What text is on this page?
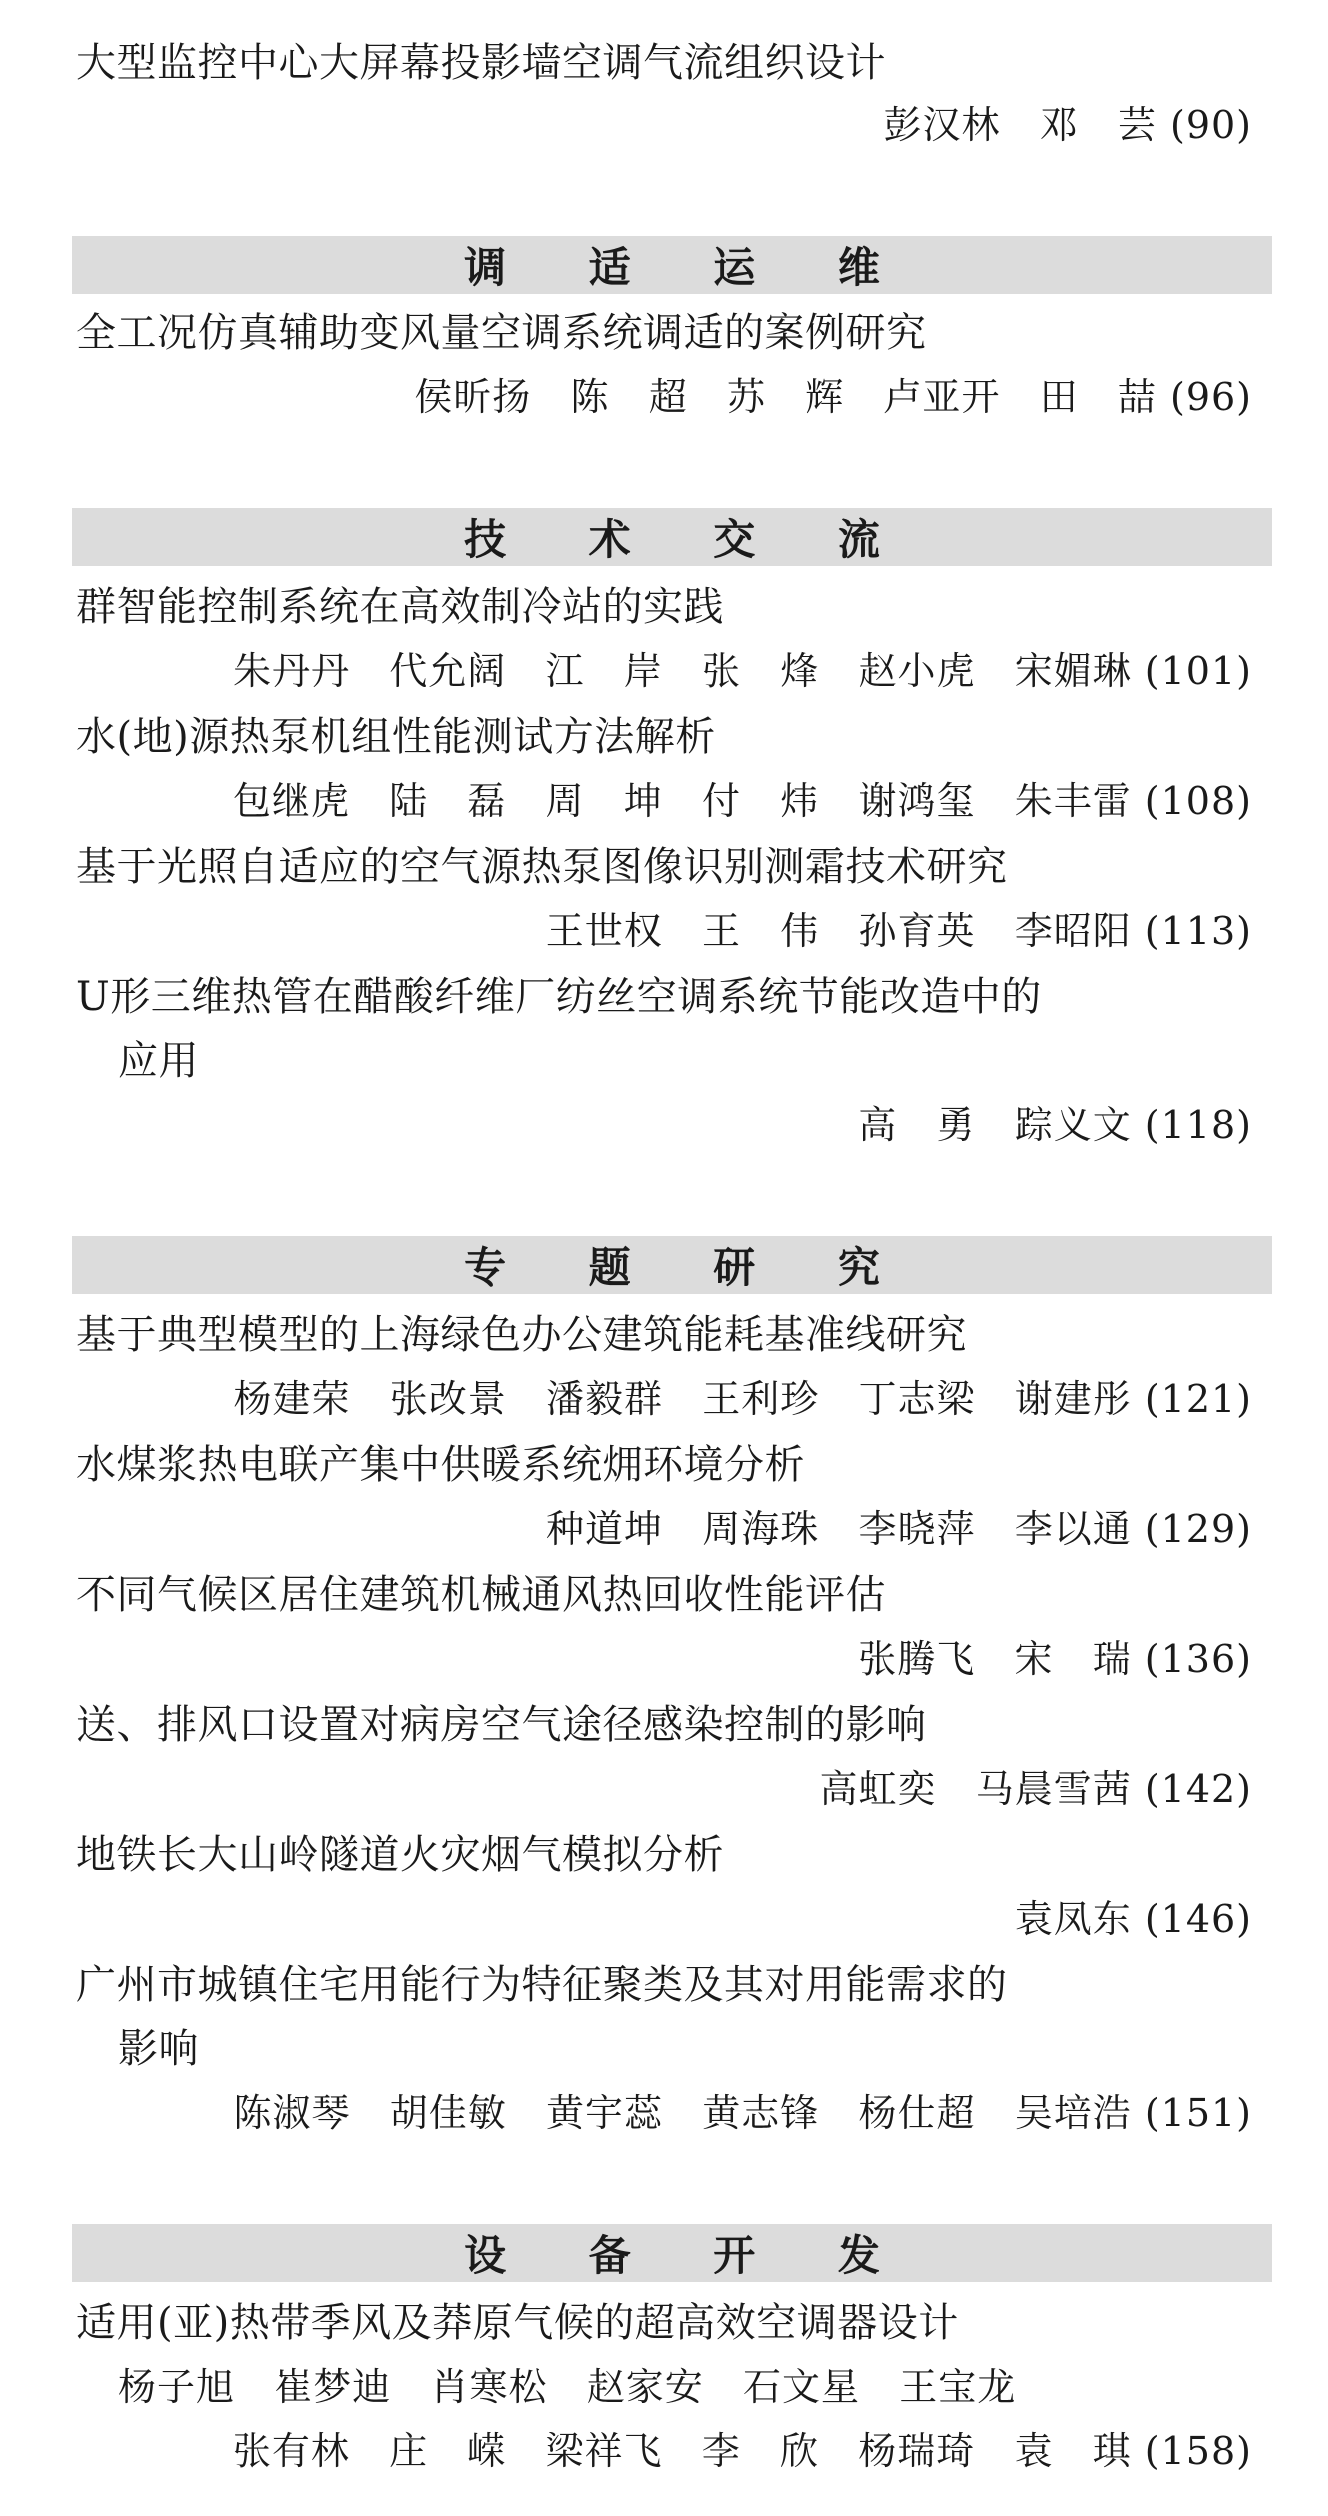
大型监控中心大屏幕投影墙空调气流组织设计
彭汉林   邓   芸 (90)
调 适 运 维
全工况仿真辅助变风量空调系统调适的案例研究
侯昕扬   陈   超   苏   辉   卢亚开   田   喆 (96)
技 术 交 流
群智能控制系统在高效制冷站的实践
朱丹丹   代允阔   江   岸   张   烽   赵小虎   宋媚琳 (101)
水(地)源热泵机组性能测试方法解析
包继虎   陆   磊   周   坤   付   炜   谢鸿玺   朱丰雷 (108)
基于光照自适应的空气源热泵图像识别测霜技术研究
王世权   王   伟   孙育英   李昭阳 (113)
U形三维热管在醋酸纤维厂纺丝空调系统节能改造中的
应用
高   勇   踪义文 (118)
专 题 研 究
基于典型模型的上海绿色办公建筑能耗基准线研究
杨建荣   张改景   潘毅群   王利珍   丁志梁   谢建彤 (121)
水煤浆热电联产集中供暖系统㶲环境分析
种道坤   周海珠   李晓萍   李以通 (129)
不同气候区居住建筑机械通风热回收性能评估
张腾飞   宋   瑞 (136)
送、排风口设置对病房空气途径感染控制的影响
高虹奕   马晨雪茜 (142)
地铁长大山岭隧道火灾烟气模拟分析
袁凤东 (146)
广州市城镇住宅用能行为特征聚类及其对用能需求的
影响
陈淑琴   胡佳敏   黄宇蕊   黄志锋   杨仕超   吴培浩 (151)
设 备 开 发
适用(亚)热带季风及莽原气候的超高效空调器设计
杨子旭   崔梦迪   肖寒松   赵家安   石文星   王宝龙
张有林   庄   嵘   梁祥飞   李   欣   杨瑞琦   袁   琪 (158)
